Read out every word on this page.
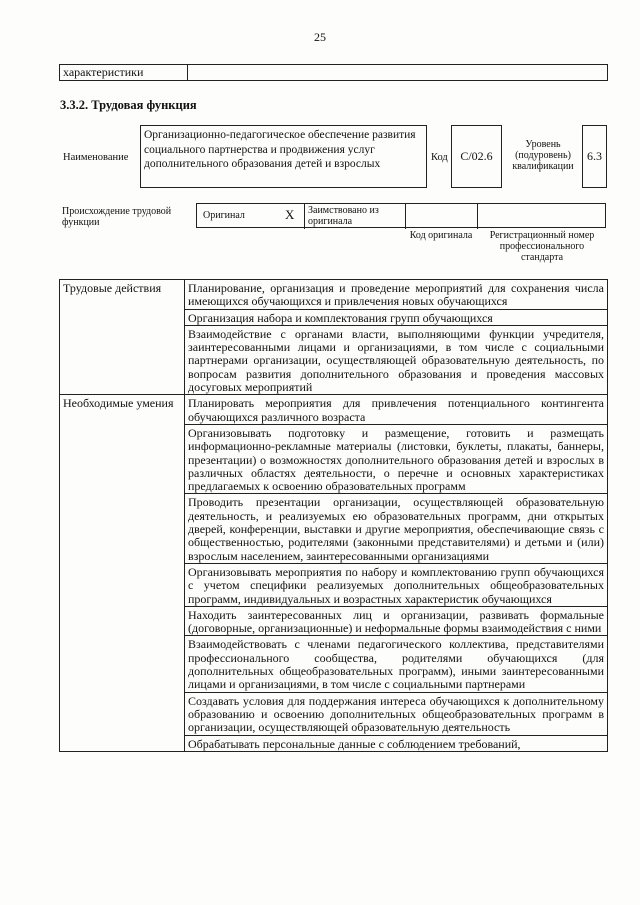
25
характеристики
3.3.2. Трудовая функция
Наименование
Организационно-педагогическое обеспечение развития социального партнерства и продвижения услуг дополнительного образования детей и взрослых
Код	С/02.6
Уровень (подуровень) квалификации
6.3
Происхождение трудовой функции
Оригинал	X Заимствовано из оригинала
Код оригинала	Регистрационный номер профессионального стандарта
Трудовые действия	Планирование, организация и проведение мероприятий для сохранения числа имеющихся обучающихся и привлечения новых обучающихся
	Организация набора и комплектования групп обучающихся
	Взаимодействие с органами власти, выполняющими функции учредителя, заинтересованными лицами и организациями, в том числе с социальными партнерами организации, осуществляющей образовательную деятельность, по вопросам развития дополнительного образования и проведения массовых досуговых мероприятий
Необходимые умения	Планировать мероприятия для привлечения потенциального контингента обучающихся различного возраста
	Организовывать подготовку и размещение, готовить и размещать информационно-рекламные материалы (листовки, буклеты, плакаты, баннеры, презентации) о возможностях дополнительного образования детей и взрослых в различных областях деятельности, о перечне и основных характеристиках предлагаемых к освоению образовательных программ
	Проводить презентации организации, осуществляющей образовательную деятельность, и реализуемых ею образовательных программ, дни открытых дверей, конференции, выставки и другие мероприятия, обеспечивающие связь с общественностью, родителями (законными представителями) и детьми и (или) взрослым населением, заинтересованными организациями
	Организовывать мероприятия по набору и комплектованию групп обучающихся с учетом специфики реализуемых дополнительных общеобразовательных программ, индивидуальных и возрастных характеристик обучающихся
	Находить заинтересованных лиц и организации, развивать формальные (договорные, организационные) и неформальные формы взаимодействия с ними
	Взаимодействовать с членами педагогического коллектива, представителями профессионального сообщества, родителями обучающихся (для дополнительных общеобразовательных программ), иными заинтересованными лицами и организациями, в том числе с социальными партнерами
	Создавать условия для поддержания интереса обучающихся к дополнительному образованию и освоению дополнительных общеобразовательных программ в организации, осуществляющей образовательную деятельность
	Обрабатывать персональные данные с соблюдением требований,
